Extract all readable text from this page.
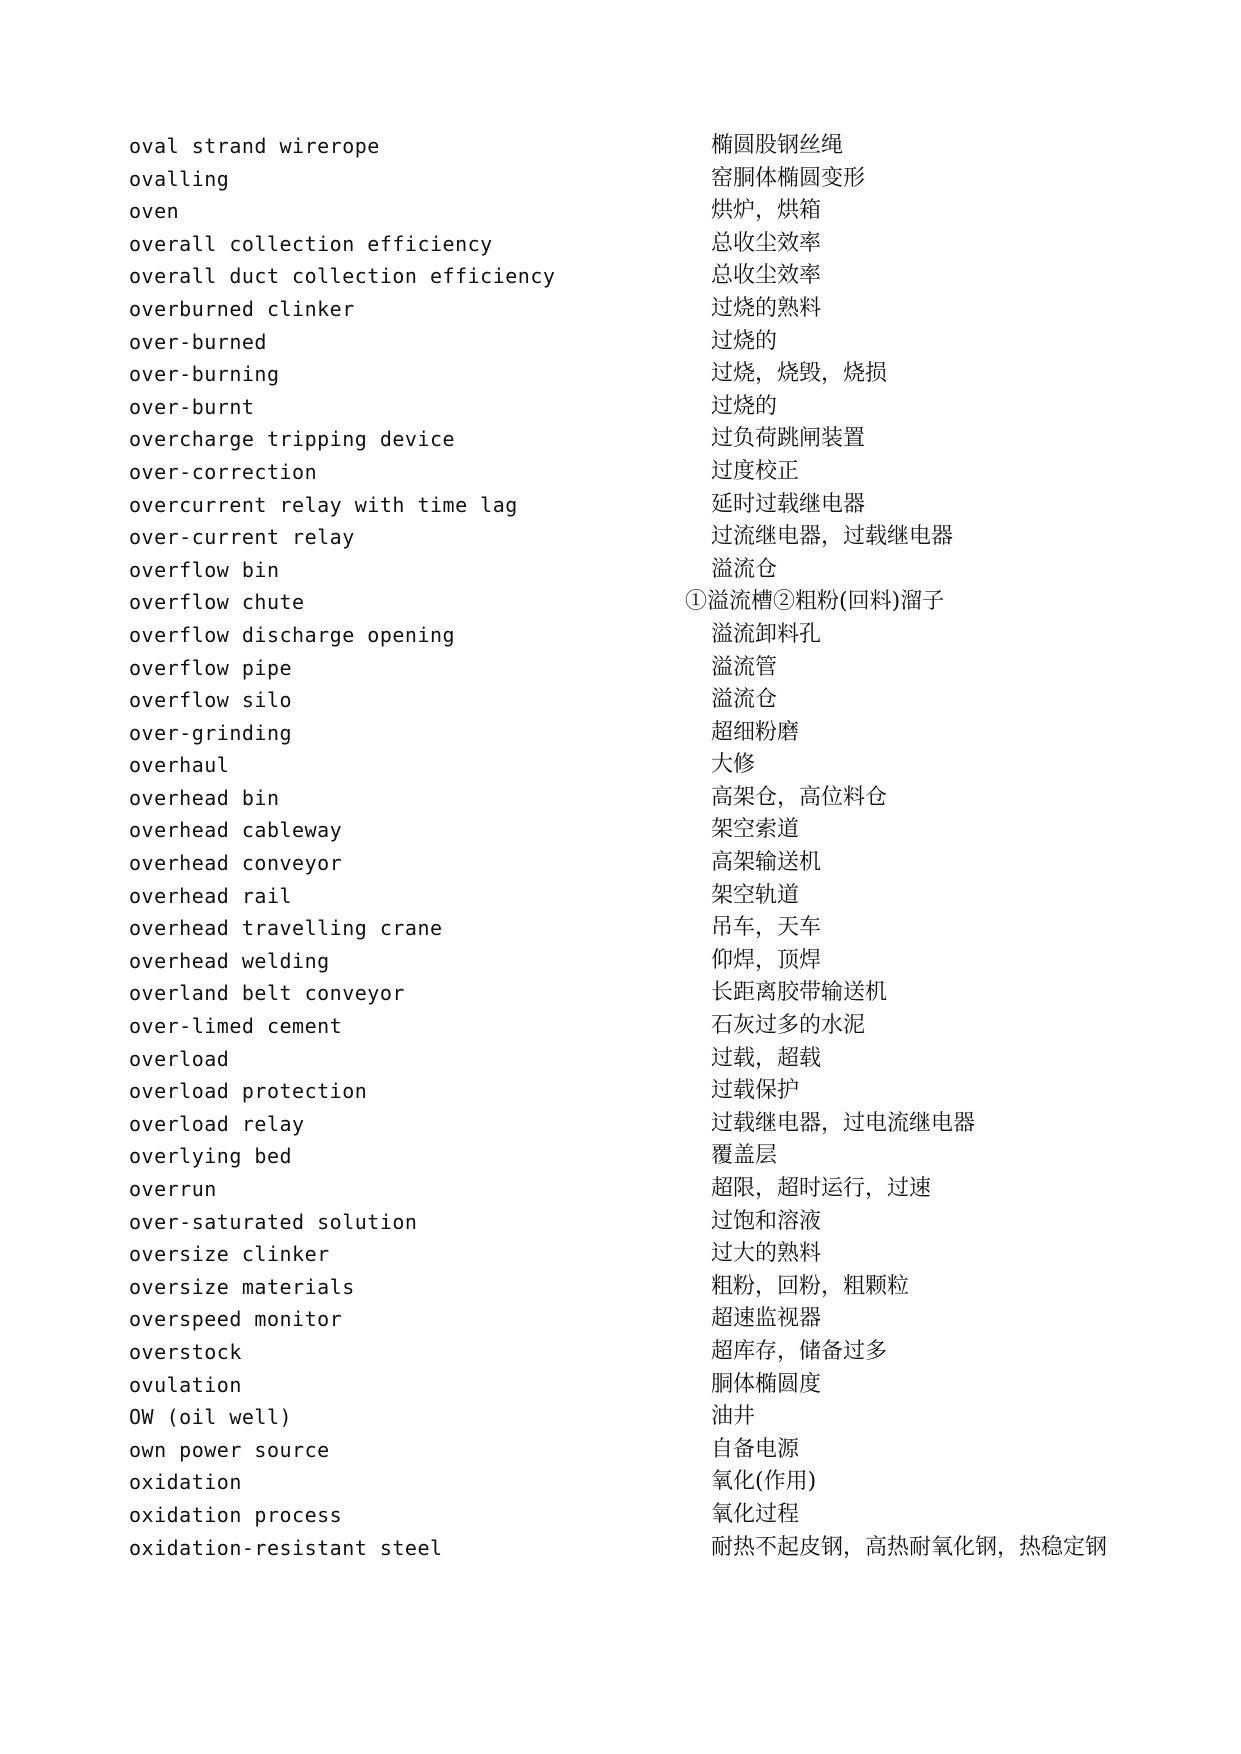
oval strand wirerope	椭圆股钢丝绳
ovalling	窑胴体椭圆变形
oven	烘炉，烘箱
overall collection efficiency	总收尘效率
overall duct collection efficiency	总收尘效率
overburned clinker	过烧的熟料
over-burned	过烧的
over-burning	过烧，烧毁，烧损
over-burnt	过烧的
overcharge tripping device	过负荷跳闸装置
over-correction	过度校正
overcurrent relay with time lag	延时过载继电器
over-current relay	过流继电器，过载继电器
overflow bin	溢流仓
overflow chute	①溢流槽②粗粉(回料)溜子
overflow discharge opening	溢流卸料孔
overflow pipe	溢流管
overflow silo	溢流仓
over-grinding	超细粉磨
overhaul	大修
overhead bin	高架仓，高位料仓
overhead cableway	架空索道
overhead conveyor	高架输送机
overhead rail	架空轨道
overhead travelling crane	吊车，天车
overhead welding	仰焊，顶焊
overland belt conveyor	长距离胶带输送机
over-limed cement	石灰过多的水泥
overload	过载，超载
overload protection	过载保护
overload relay	过载继电器，过电流继电器
overlying bed	覆盖层
overrun	超限，超时运行，过速
over-saturated solution	过饱和溶液
oversize clinker	过大的熟料
oversize materials	粗粉，回粉，粗颗粒
overspeed monitor	超速监视器
overstock	超库存，储备过多
ovulation	胴体椭圆度
OW (oil well)	油井
own power source	自备电源
oxidation	氧化(作用)
oxidation process	氧化过程
oxidation-resistant steel	耐热不起皮钢，高热耐氧化钢，热稳定钢
